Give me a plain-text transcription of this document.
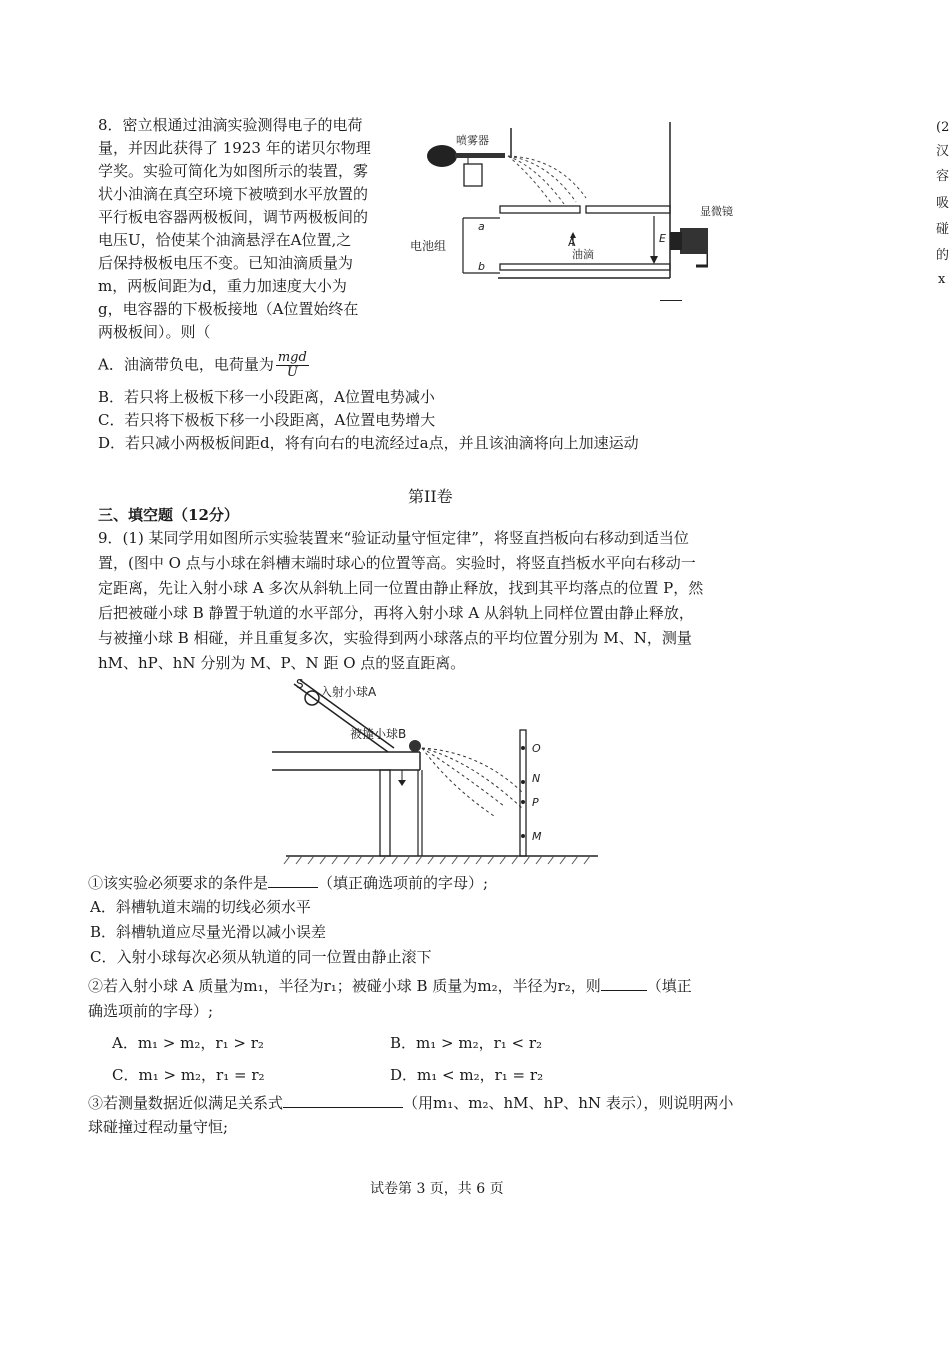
8．密立根通过油滴实验测得电子的电荷
量，并因此获得了 1923 年的诺贝尔物理
学奖。实验可简化为如图所示的装置，雾
状小油滴在真空环境下被喷到水平放置的
平行板电容器两极板间，调节两极板间的
电压U，恰使某个油滴悬浮在A位置,之
后保持极板电压不变。已知油滴质量为
m，两板间距为d，重力加速度大小为
g，电容器的下极板接地（A位置始终在
两极板间）。则（
喷雾器
电池组
a
b
A
油滴
E
显微镜
A．油滴带负电，电荷量为 $\frac{\text{mgd}}{U}$
B．若只将上极板下移一小段距离，A位置电势减小
C．若只将下极板下移一小段距离，A位置电势增大
D．若只减小两极板间距d，将有向右的电流经过a点，并且该油滴将向上加速运动
第II卷
三、填空题（12分）
9．(1) 某同学用如图所示实验装置来“验证动量守恒定律”，将竖直挡板向右移动到适当位
置，(图中 O 点与小球在斜槽末端时球心的位置等高。实验时，将竖直挡板水平向右移动一
定距离，先让入射小球 A 多次从斜轨上同一位置由静止释放，找到其平均落点的位置 P，然
后把被碰小球 B 静置于轨道的水平部分，再将入射小球 A 从斜轨上同样位置由静止释放，
与被撞小球 B 相碰，并且重复多次，实验得到两小球落点的平均位置分别为 M、N，测量
hM、hP、hN 分别为 M、P、N 距 O 点的竖直距离。
S
入射小球A
被撞小球B
O
N
P
M
①该实验必须要求的条件是	（填正确选项前的字母）;
A．斜槽轨道末端的切线必须水平
B．斜槽轨道应尽量光滑以减小误差
C．入射小球每次必须从轨道的同一位置由静止滚下
②若入射小球 A 质量为m₁，半径为r₁；被碰小球 B 质量为m₂，半径为r₂，则	（填正
确选项前的字母）;
A．m₁ > m₂，r₁ > r₂	B．m₁ > m₂，r₁ < r₂
C．m₁ > m₂，r₁ = r₂	D．m₁ < m₂，r₁ = r₂
③若测量数据近似满足关系式	（用m₁、m₂、hM、hP、hN 表示），则说明两小
球碰撞过程动量守恒;
试卷第 3 页，共 6 页
(2
汉
容
吸
碰
的
x
